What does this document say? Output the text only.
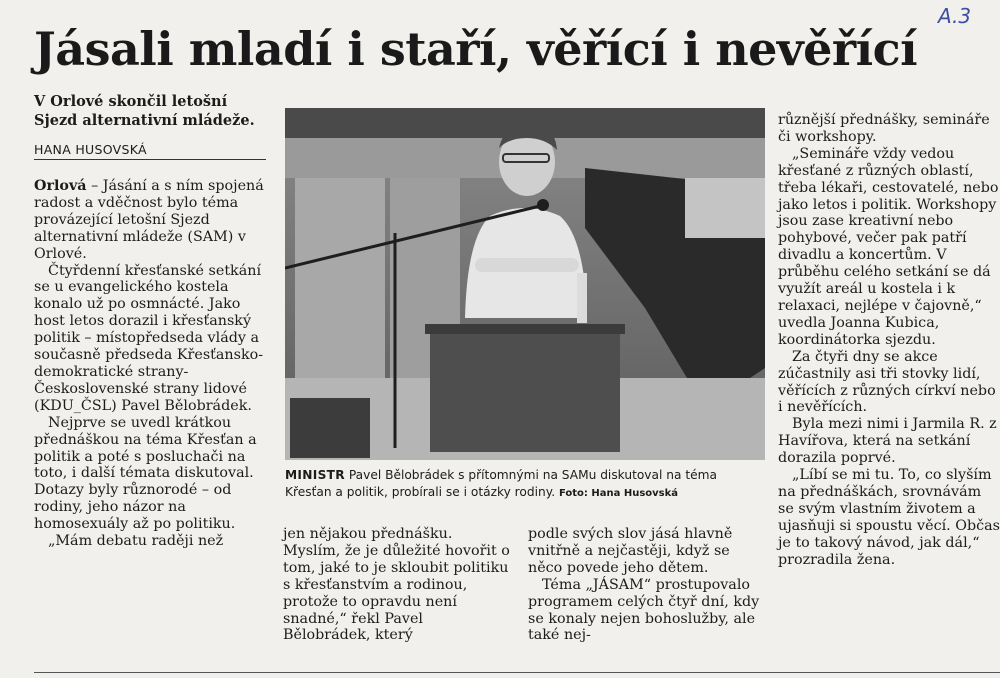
A.3
Jásali mladí i staří, věřící i nevěřící
V Orlové skončil letošní Sjezd alternativní mládeže.
HANA HUSOVSKÁ

Orlová – Jásání a s ním spojená radost a vděčnost bylo téma provázející letošní Sjezd alternativní mládeže (SAM) v Orlové.

Čtyřdenní křesťanské setkání se u evangelického kostela konalo už po osmnácté. Jako host letos dorazil i křesťanský politik – místopředseda vlády a současně předseda Křesťansko-demokratické strany-Československé strany lidové (KDU_ČSL) Pavel Bělobrádek.

Nejprve se uvedl krátkou přednáškou na téma Křesťan a politik a poté s posluchači na toto, i další témata diskutoval. Dotazy byly různorodé – od rodiny, jeho názor na homosexuály až po politiku.

„Mám debatu raději než

MINISTR Pavel Bělobrádek s přítomnými na SAMu diskutoval na téma Křesťan a politik, probírali se i otázky rodiny. Foto: Hana Husovská

jen nějakou přednášku. Myslím, že je důležité hovořit o tom, jaké to je skloubit politiku s křesťanstvím a rodinou, protože to opravdu není snadné,“ řekl Pavel Bělobrádek, který

podle svých slov jásá hlavně vnitřně a nejčastěji, když se něco povede jeho dětem.

Téma „JÁSAM“ prostupovalo programem celých čtyř dní, kdy se konaly nejen bohoslužby, ale také nej-

různější přednášky, semináře či workshopy.

„Semináře vždy vedou křesťané z různých oblastí, třeba lékaři, cestovatelé, nebo jako letos i politik. Workshopy jsou zase kreativní nebo pohybové, večer pak patří divadlu a koncertům. V průběhu celého setkání se dá využít areál u kostela i k relaxaci, nejlépe v čajovně,“ uvedla Joanna Kubica, koordinátorka sjezdu.

Za čtyři dny se akce zúčastnily asi tři stovky lidí, věřících z různých církví nebo i nevěřících.

Byla mezi nimi i Jarmila R. z Havířova, která na setkání dorazila poprvé.

„Líbí se mi tu. To, co slyším na přednáškách, srovnávám se svým vlastním životem a ujasňuji si spoustu věcí. Občas je to takový návod, jak dál,“ prozradila žena.
